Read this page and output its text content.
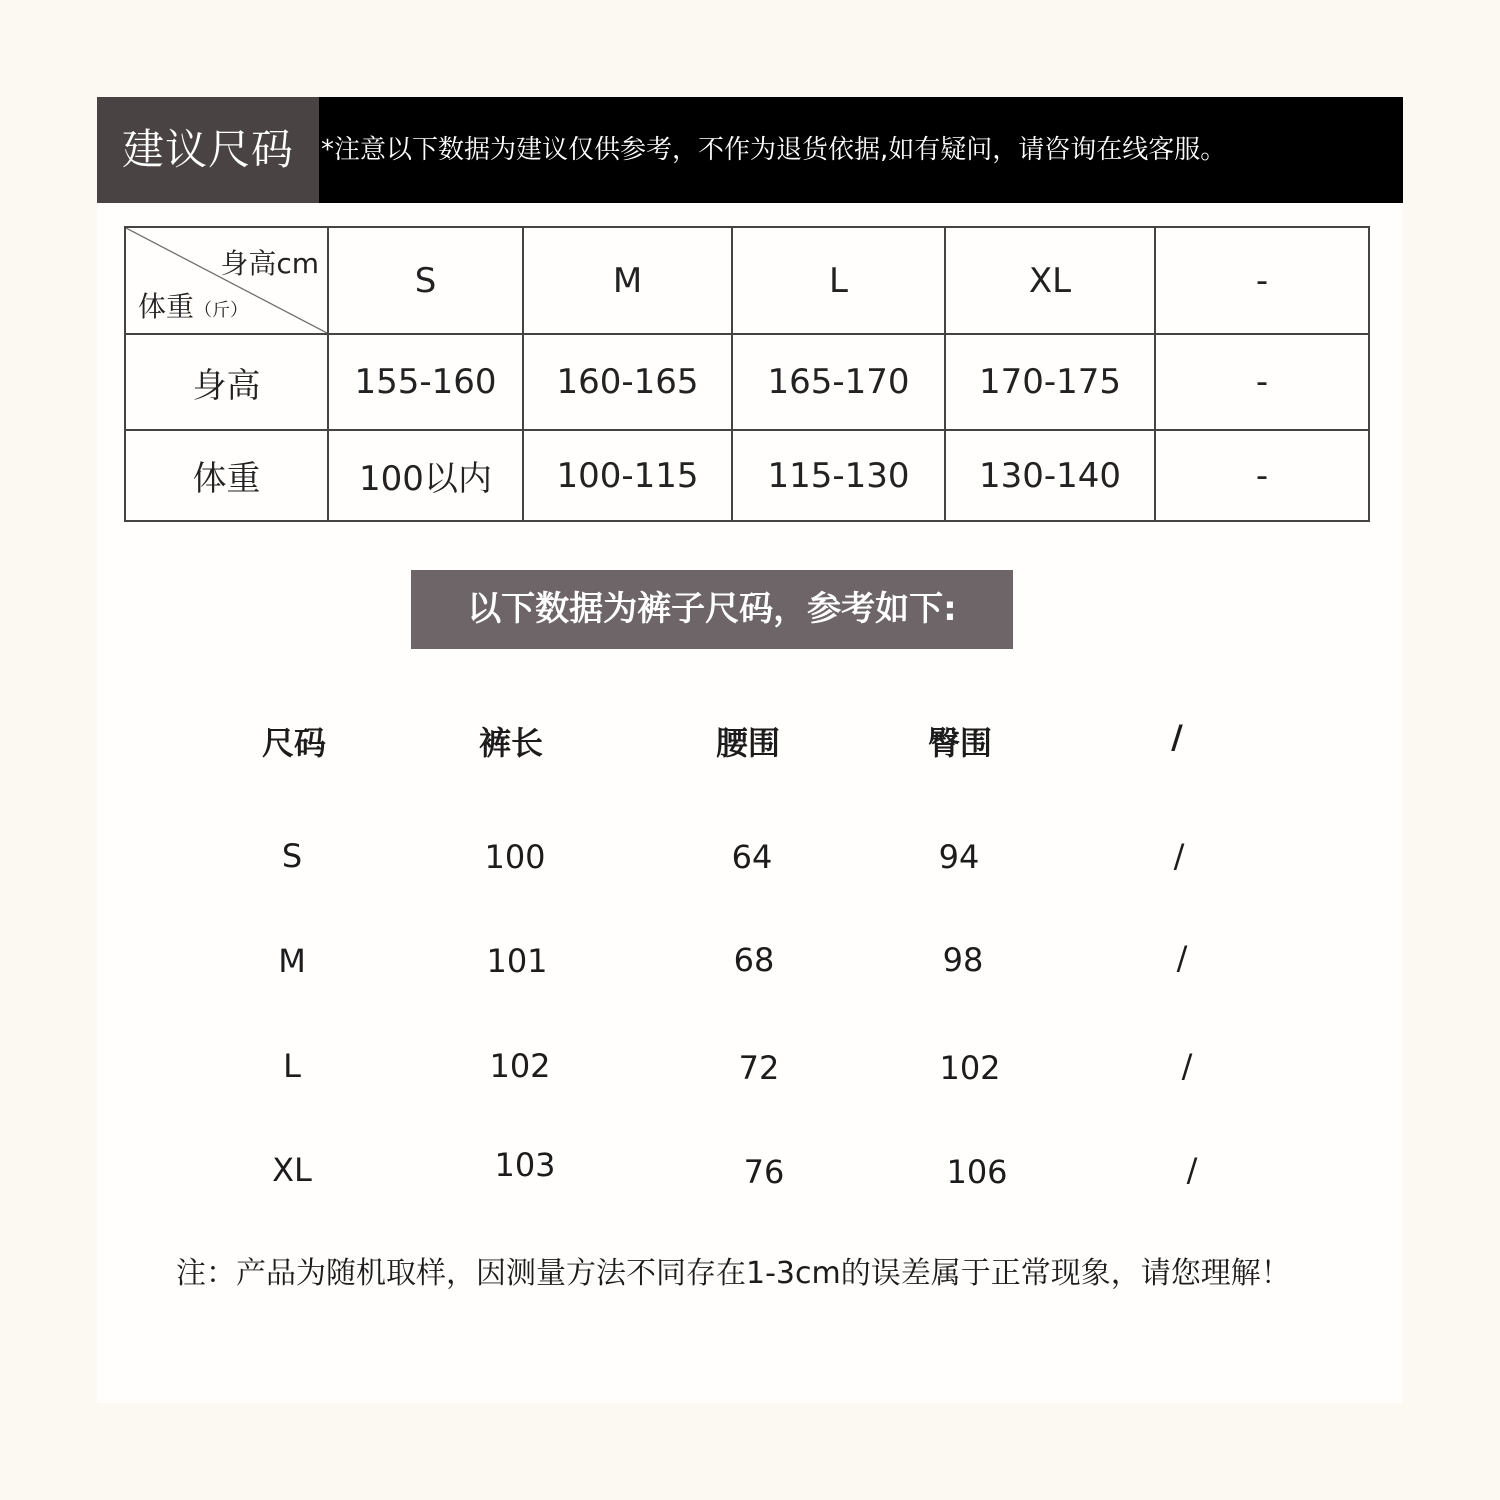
建议尺码	*注意以下数据为建议仅供参考，不作为退货依据,如有疑问，请咨询在线客服。
身高cm
体重（斤）	S	M	L	XL	-
身高	155-160	160-165	165-170	170-175	-
体重	100以内	100-115	115-130	130-140	-
以下数据为裤子尺码，参考如下:
尺码	裤长	腰围	臀围	/
S	100	64	94	/
M	101	68	98	/
L	102	72	102	/
XL	103	76	106	/
注：产品为随机取样，因测量方法不同存在1-3cm的误差属于正常现象，请您理解！
